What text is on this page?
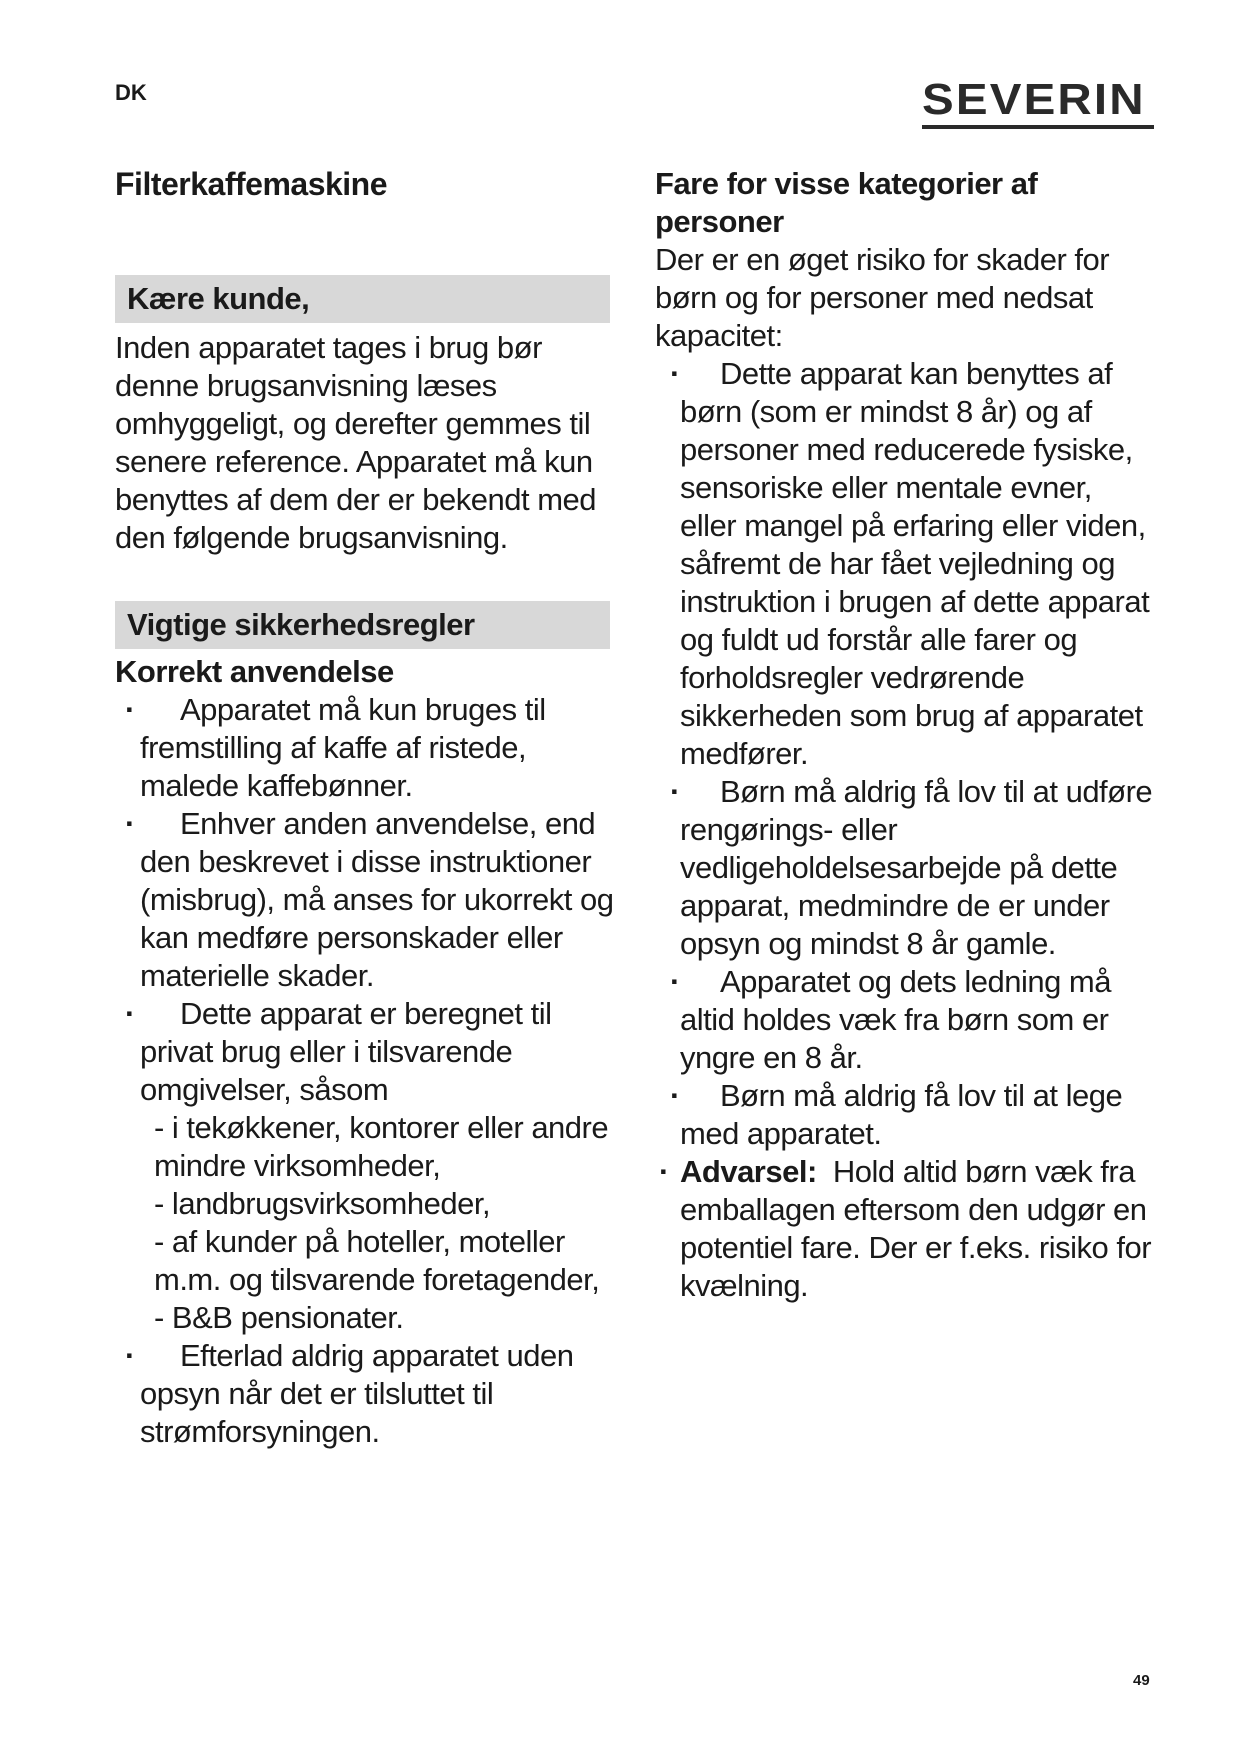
DK	SEVERIN
Filterkaffemaskine
Kære kunde,

Inden apparatet tages i brug bør denne brugsanvisning læses omhyggeligt, og derefter gemmes til senere reference. Apparatet må kun benyttes af dem der er bekendt med den følgende brugsanvisning.

Vigtige sikkerhedsregler

Korrekt anvendelse

· Apparatet må kun bruges til fremstilling af kaffe af ristede, malede kaffebønner.
· Enhver anden anvendelse, end den beskrevet i disse instruktioner (misbrug), må anses for ukorrekt og kan medføre personskader eller materielle skader.
· Dette apparat er beregnet til privat brug eller i tilsvarende omgivelser, såsom

- i tekøkkener, kontorer eller andre mindre virksomheder,

- landbrugsvirksomheder,

- af kunder på hoteller, moteller m.m. og tilsvarende foretagender,

- B&B pensionater.

· Efterlad aldrig apparatet uden opsyn når det er tilsluttet til strømforsyningen.

Fare for visse kategorier af personer

Der er en øget risiko for skader for børn og for personer med nedsat kapacitet:

· Dette apparat kan benyttes af børn (som er mindst 8 år) og af personer med reducerede fysiske, sensoriske eller mentale evner, eller mangel på erfaring eller viden, såfremt de har fået vejledning og instruktion i brugen af dette apparat og fuldt ud forstår alle farer og forholdsregler vedrørende sikkerheden som brug af apparatet medfører.
· Børn må aldrig få lov til at udføre rengørings- eller vedligeholdelsesarbejde på dette apparat, medmindre de er under opsyn og mindst 8 år gamle.
· Apparatet og dets ledning må altid holdes væk fra børn som er yngre en 8 år.
· Børn må aldrig få lov til at lege med apparatet.
· Advarsel: Hold altid børn væk fra emballagen eftersom den udgør en potentiel fare. Der er f.eks. risiko for kvælning.
49
